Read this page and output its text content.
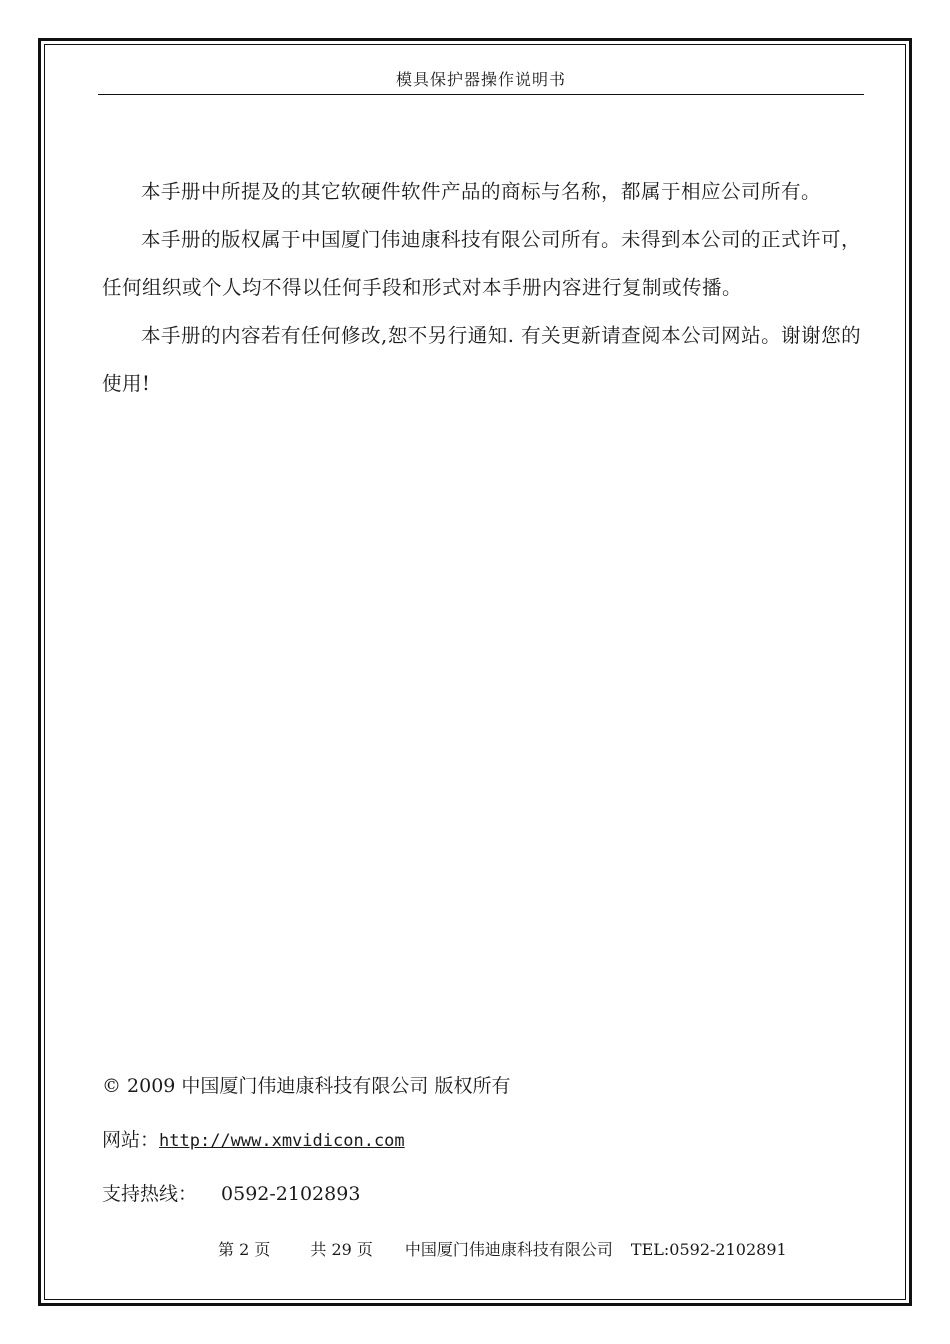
模具保护器操作说明书

本手册中所提及的其它软硬件软件产品的商标与名称，都属于相应公司所有。

本手册的版权属于中国厦门伟迪康科技有限公司所有。未得到本公司的正式许可，任何组织或个人均不得以任何手段和形式对本手册内容进行复制或传播。

本手册的内容若有任何修改,恕不另行通知. 有关更新请查阅本公司网站。谢谢您的使用!

© 2009 中国厦门伟迪康科技有限公司 版权所有
网站：http://www.xmvidicon.com
支持热线： 0592-2102893
第 2 页	共 29 页 中国厦门伟迪康科技有限公司 TEL:0592-2102891
